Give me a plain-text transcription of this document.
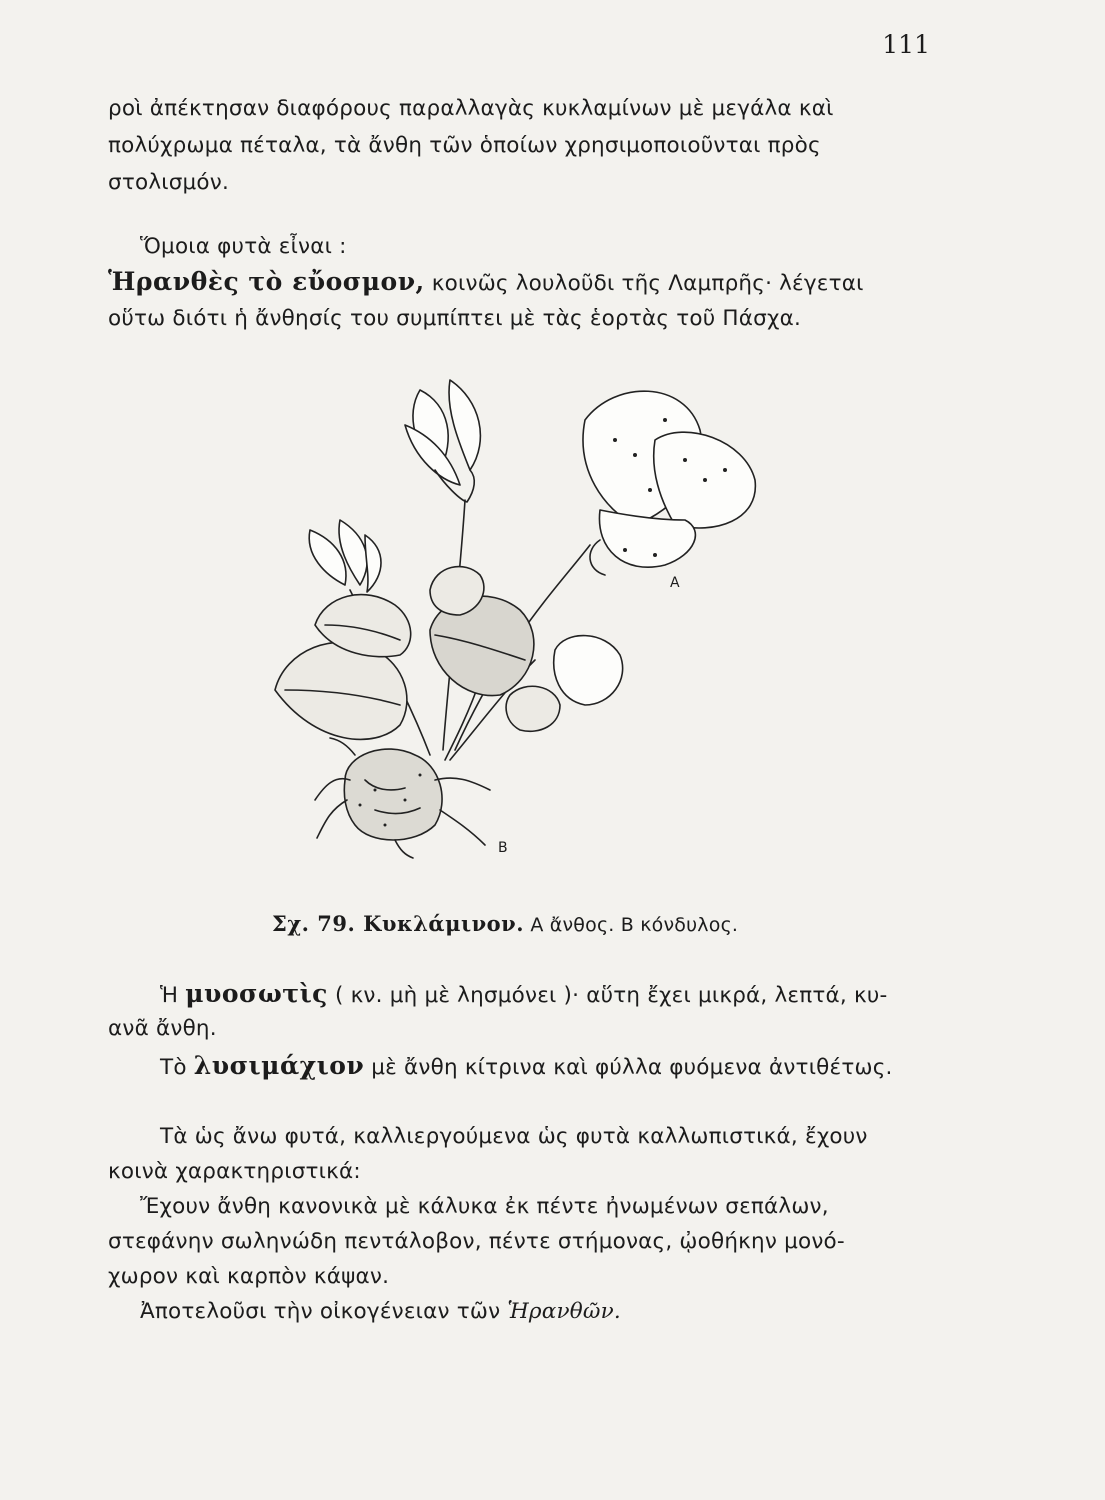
111
ροὶ ἀπέκτησαν διαφόρους παραλλαγὰς κυκλαμίνων μὲ μεγάλα καὶ
πολύχρωμα πέταλα, τὰ ἄνθη τῶν ὁποίων χρησιμοποιοῦνται πρὸς
στολισμόν.
Ὅμοια φυτὰ εἶναι :
Ἡρανθὲς τὸ εὔοσμον, κοινῶς λουλοῦδι τῆς Λαμπρῆς· λέγεται
οὕτω διότι ἡ ἄνθησίς του συμπίπτει μὲ τὰς ἑορτὰς τοῦ Πάσχα.
Α
Β
Σχ. 79. Κυκλάμινον. Α ἄνθος. Β κόνδυλος.
Ἡ μυοσωτὶς ( κν. μὴ μὲ λησμόνει )· αὕτη ἔχει μικρά, λεπτά, κυ-
ανᾶ ἄνθη.
Τὸ λυσιμάχιον μὲ ἄνθη κίτρινα καὶ φύλλα φυόμενα ἀντιθέτως.
Τὰ ὡς ἄνω φυτά, καλλιεργούμενα ὡς φυτὰ καλλωπιστικά, ἔχουν
κοινὰ χαρακτηριστικά:
Ἔχουν ἄνθη κανονικὰ μὲ κάλυκα ἐκ πέντε ἠνωμένων σεπάλων,
στεφάνην σωληνώδη πεντάλοβον, πέντε στήμονας, ᾠοθήκην μονό-
χωρον καὶ καρπὸν κάψαν.
Ἀποτελοῦσι τὴν οἰκογένειαν τῶν Ἡρανθῶν.
